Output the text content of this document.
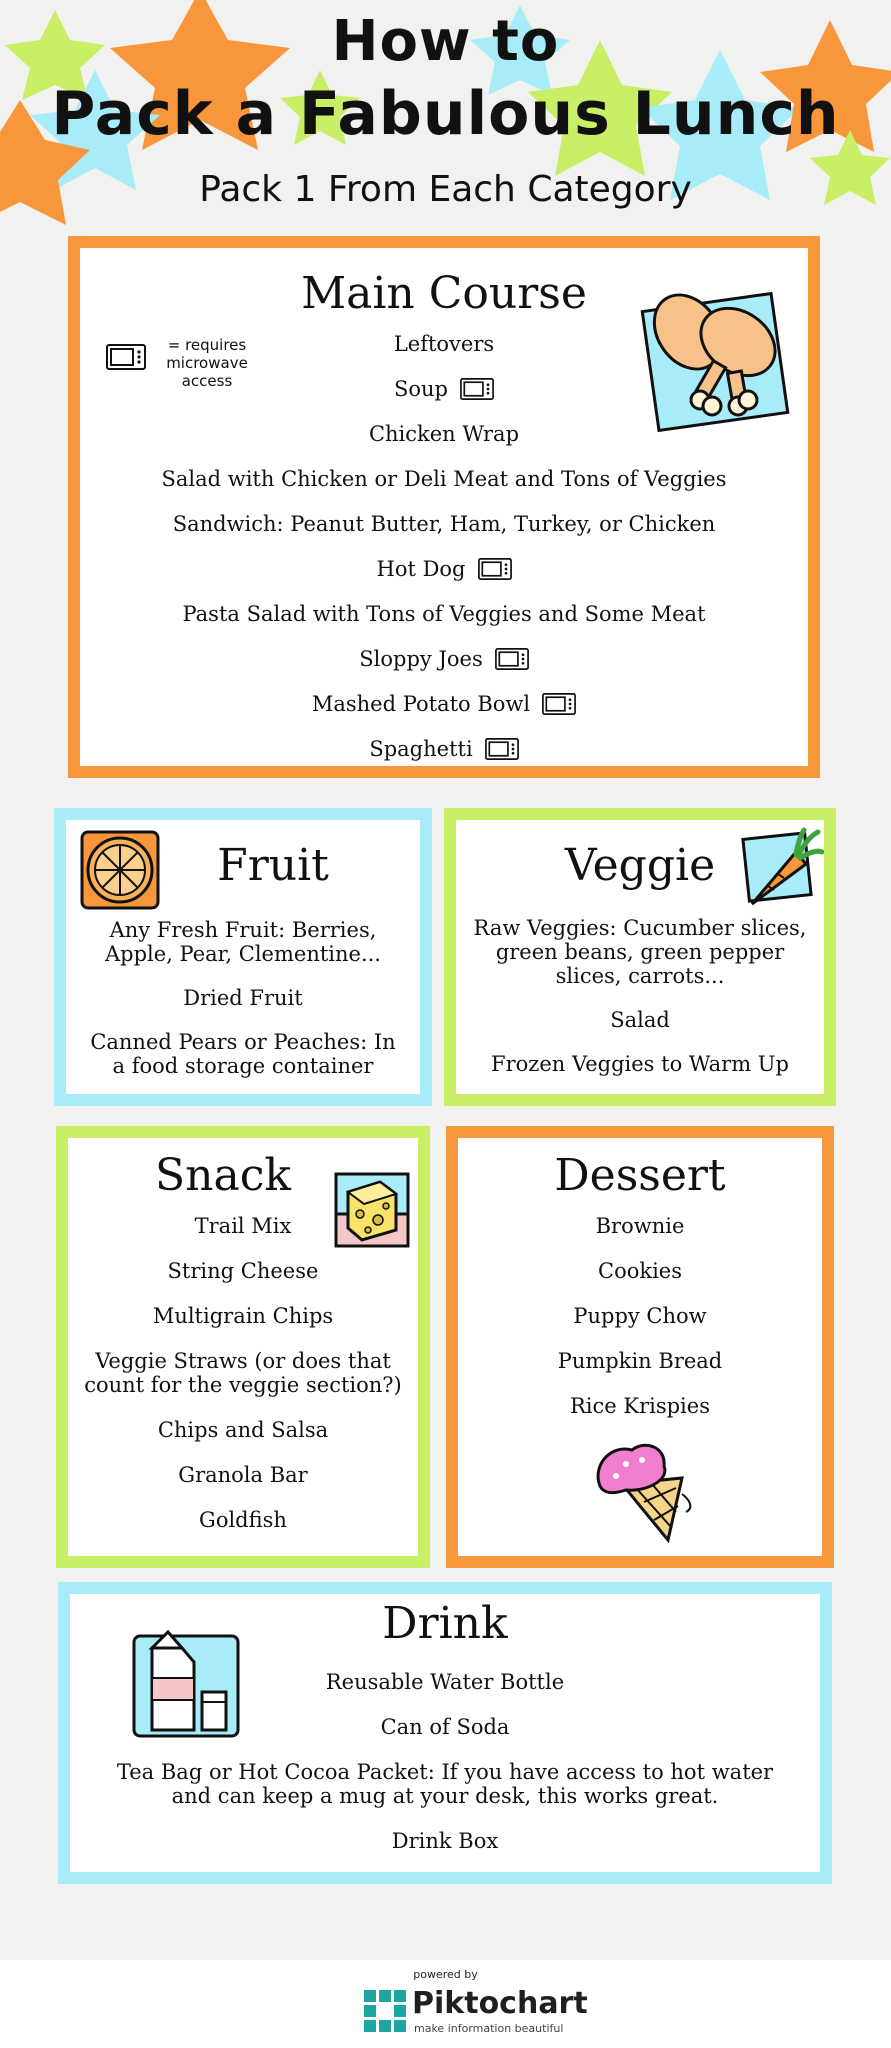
How to
Pack a Fabulous Lunch
Pack 1 From Each Category
Main Course
= requires microwave access
Leftovers
Soup
Chicken Wrap
Salad with Chicken or Deli Meat and Tons of Veggies
Sandwich: Peanut Butter, Ham, Turkey, or Chicken
Hot Dog
Pasta Salad with Tons of Veggies and Some Meat
Sloppy Joes
Mashed Potato Bowl
Spaghetti
Fruit
Any Fresh Fruit: Berries,
Apple, Pear, Clementine...
Dried Fruit
Canned Pears or Peaches: In
a food storage container
Veggie
Raw Veggies: Cucumber slices,
green beans, green pepper
slices, carrots...
Salad
Frozen Veggies to Warm Up
Snack
Trail Mix
String Cheese
Multigrain Chips
Veggie Straws (or does that
count for the veggie section?)
Chips and Salsa
Granola Bar
Goldfish
Dessert
Brownie
Cookies
Puppy Chow
Pumpkin Bread
Rice Krispies
Drink
Reusable Water Bottle
Can of Soda
Tea Bag or Hot Cocoa Packet: If you have access to hot water
and can keep a mug at your desk, this works great.
Drink Box
powered by
Piktochart
make information beautiful
